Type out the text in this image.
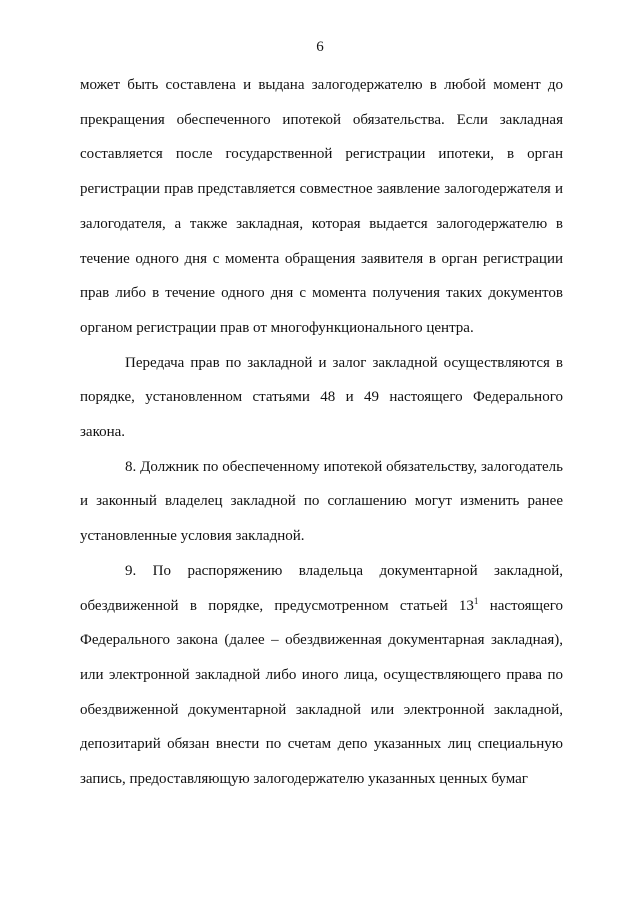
6

может быть составлена и выдана залогодержателю в любой момент до прекращения обеспеченного ипотекой обязательства. Если закладная составляется после государственной регистрации ипотеки, в орган регистрации прав представляется совместное заявление залогодержателя и залогодателя, а также закладная, которая выдается залогодержателю в течение одного дня с момента обращения заявителя в орган регистрации прав либо в течение одного дня с момента получения таких документов органом регистрации прав от многофункционального центра.

Передача прав по закладной и залог закладной осуществляются в порядке, установленном статьями 48 и 49 настоящего Федерального закона.

8. Должник по обеспеченному ипотекой обязательству, залогодатель и законный владелец закладной по соглашению могут изменить ранее установленные условия закладной.

9. По распоряжению владельца документарной закладной, обездвиженной в порядке, предусмотренном статьей $13^1$ настоящего Федерального закона (далее – обездвиженная документарная закладная), или электронной закладной либо иного лица, осуществляющего права по обездвиженной документарной закладной или электронной закладной, депозитарий обязан внести по счетам депо указанных лиц специальную запись, предоставляющую залогодержателю указанных ценных бумаг
